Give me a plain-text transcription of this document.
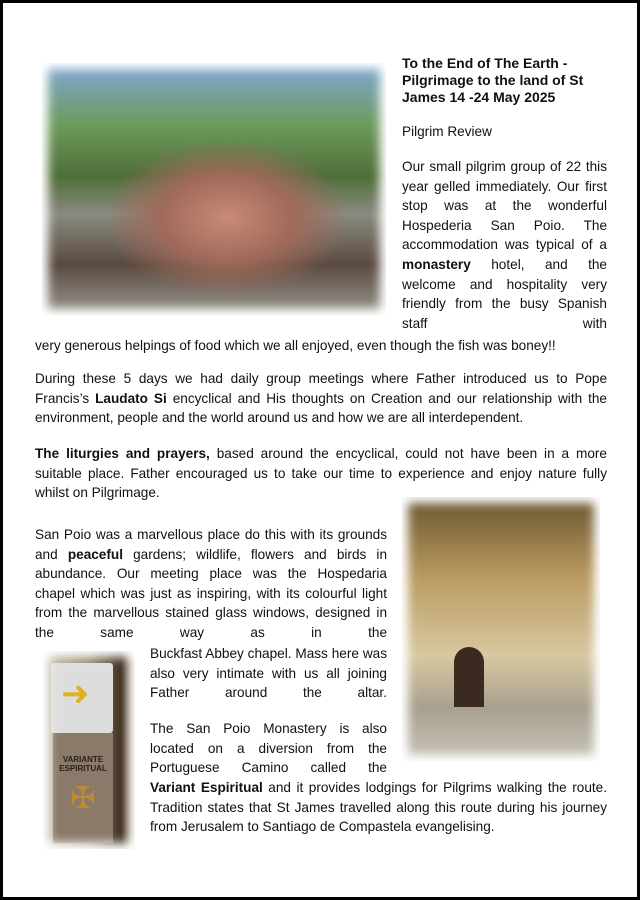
To the End of The Earth - Pilgrimage to the land of St James 14 -24 May 2025
Pilgrim Review
Our small pilgrim group of 22 this year gelled immediately. Our first stop was at the wonderful Hospederia San Poio. The accommodation was typical of a monastery hotel, and the welcome and hospitality very friendly from the busy Spanish staff with
very generous helpings of food which we all enjoyed, even though the fish was boney!!
During these 5 days we had daily group meetings where Father introduced us to Pope Francis’s Laudato Si encyclical and His thoughts on Creation and our relationship with the environment, people and the world around us and how we are all interdependent.
The liturgies and prayers, based around the encyclical, could not have been in a more suitable place. Father encouraged us to take our time to experience and enjoy nature fully whilst on Pilgrimage.
San Poio was a marvellous place do this with its grounds and peaceful gardens; wildlife, flowers and birds in abundance. Our meeting place was the Hospedaria chapel which was just as inspiring, with its colourful light from the marvellous stained glass windows, designed in the same way as in the
➜
VARIANTE ESPIRITUAL
✠
Buckfast Abbey chapel. Mass here was also very intimate with us all joining Father around the altar.
The San Poio Monastery is also located on a diversion from the Portuguese Camino called the
Variant Espiritual and it provides lodgings for Pilgrims walking the route. Tradition states that St James travelled along this route during his journey from Jerusalem to Santiago de Compastela evangelising.
